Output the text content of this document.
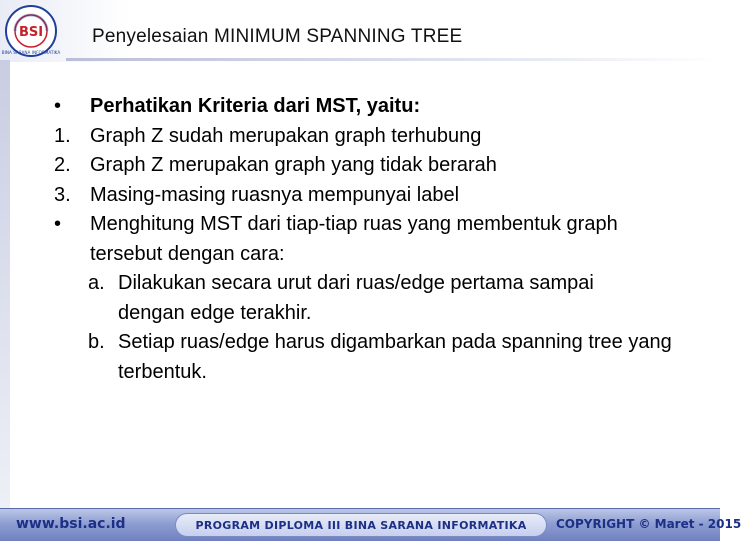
BSI
BINA SARANA INFORMATIKA
Penyelesaian MINIMUM SPANNING TREE
•	Perhatikan Kriteria dari MST, yaitu:
1. Graph Z sudah merupakan graph terhubung
2. Graph Z merupakan graph yang tidak berarah
3. Masing-masing ruasnya mempunyai label
•	Menghitung MST dari tiap-tiap ruas yang membentuk graph tersebut dengan cara:
a. Dilakukan secara urut dari ruas/edge pertama sampai dengan edge terakhir.
b. Setiap ruas/edge harus digambarkan pada spanning tree yang terbentuk.
www.bsi.ac.id	PROGRAM DIPLOMA III BINA SARANA INFORMATIKA	COPYRIGHT © Maret - 2015
